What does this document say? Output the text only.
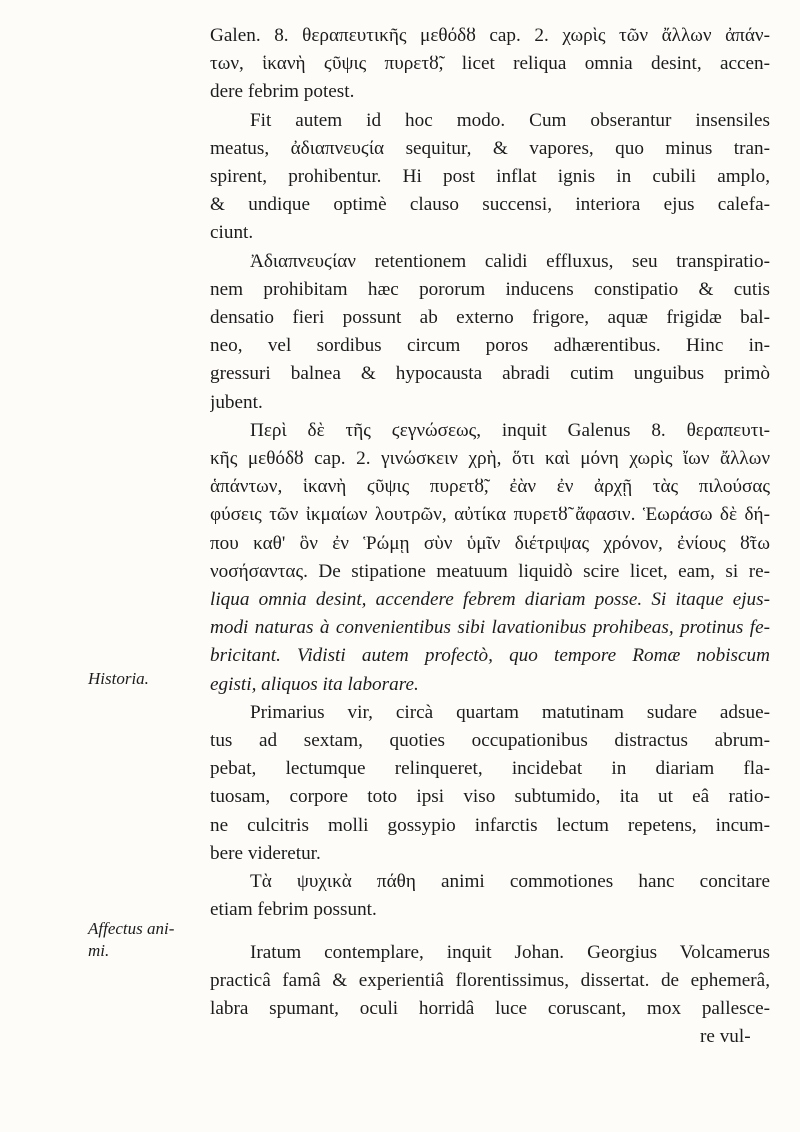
Galen. 8. θεραπευτικῆς μεθόδȣ cap. 2. χωρὶς τῶν ἄλλων ἀπάν-
των, ἱκανὴ ϛῦψις πυρετȣ̃, licet reliqua omnia desint, accen-
dere febrim potest.
Fit autem id hoc modo. Cum obserantur insensiles
meatus, ἀδιαπνευϛία sequitur, & vapores, quo minus tran-
spirent, prohibentur. Hi post inflat ignis in cubili amplo,
& undique optimè clauso succensi, interiora ejus calefa-
ciunt.
Ἀδιαπνευϛίαν retentionem calidi effluxus, seu transpiratio-
nem prohibitam hæc pororum inducens constipatio & cutis
densatio fieri possunt ab externo frigore, aquæ frigidæ bal-
neo, vel sordibus circum poros adhærentibus. Hinc in-
gressuri balnea & hypocausta abradi cutim unguibus primò
jubent.
Περὶ δὲ τῆς ϛεγνώσεως, inquit Galenus 8. θεραπευτι-
κῆς μεθόδȣ cap. 2. γινώσκειν χρὴ, ὅτι καὶ μόνη χωρὶς ἴων ἄλλων
ἁπάντων, ἱκανὴ ϛῦψις πυρετȣ̃, ἐὰν ἐν ἀρχῇ τὰς πιλούσας
φύσεις τῶν ἰκμαίων λουτρῶν, αὐτίκα πυρετȣ̃ ἄφασιν. Ἑωράσω δὲ δή-
που καθ' ὃν ἐν Ῥώμῃ σὺν ὑμῖν διέτριψας χρόνον, ἐνίους ȣ̃τω
νοσήσαντας. De stipatione meatuum liquidò scire licet, eam, si re-
liqua omnia desint, accendere febrem diariam posse. Si itaque ejus-
modi naturas à convenientibus sibi lavationibus prohibeas, protinus fe-
bricitant. Vidisti autem profectò, quo tempore Romæ nobiscum
egisti, aliquos ita laborare.
Primarius vir, circà quartam matutinam sudare adsue-
tus ad sextam, quoties occupationibus distractus abrum-
pebat, lectumque relinqueret, incidebat in diariam fla-
tuosam, corpore toto ipsi viso subtumido, ita ut eâ ratio-
ne culcitris molli gossypio infarctis lectum repetens, incum-
bere videretur.
Τὰ ψυχικὰ πάθη animi commotiones hanc concitare
etiam febrim possunt.
Iratum contemplare, inquit Johan. Georgius Volcamerus
practicâ famâ & experientiâ florentissimus, dissertat. de ephemerâ,
labra spumant, oculi horridâ luce coruscant, mox pallesce-
re vul-
Historia.
Affectus ani-
mi.
